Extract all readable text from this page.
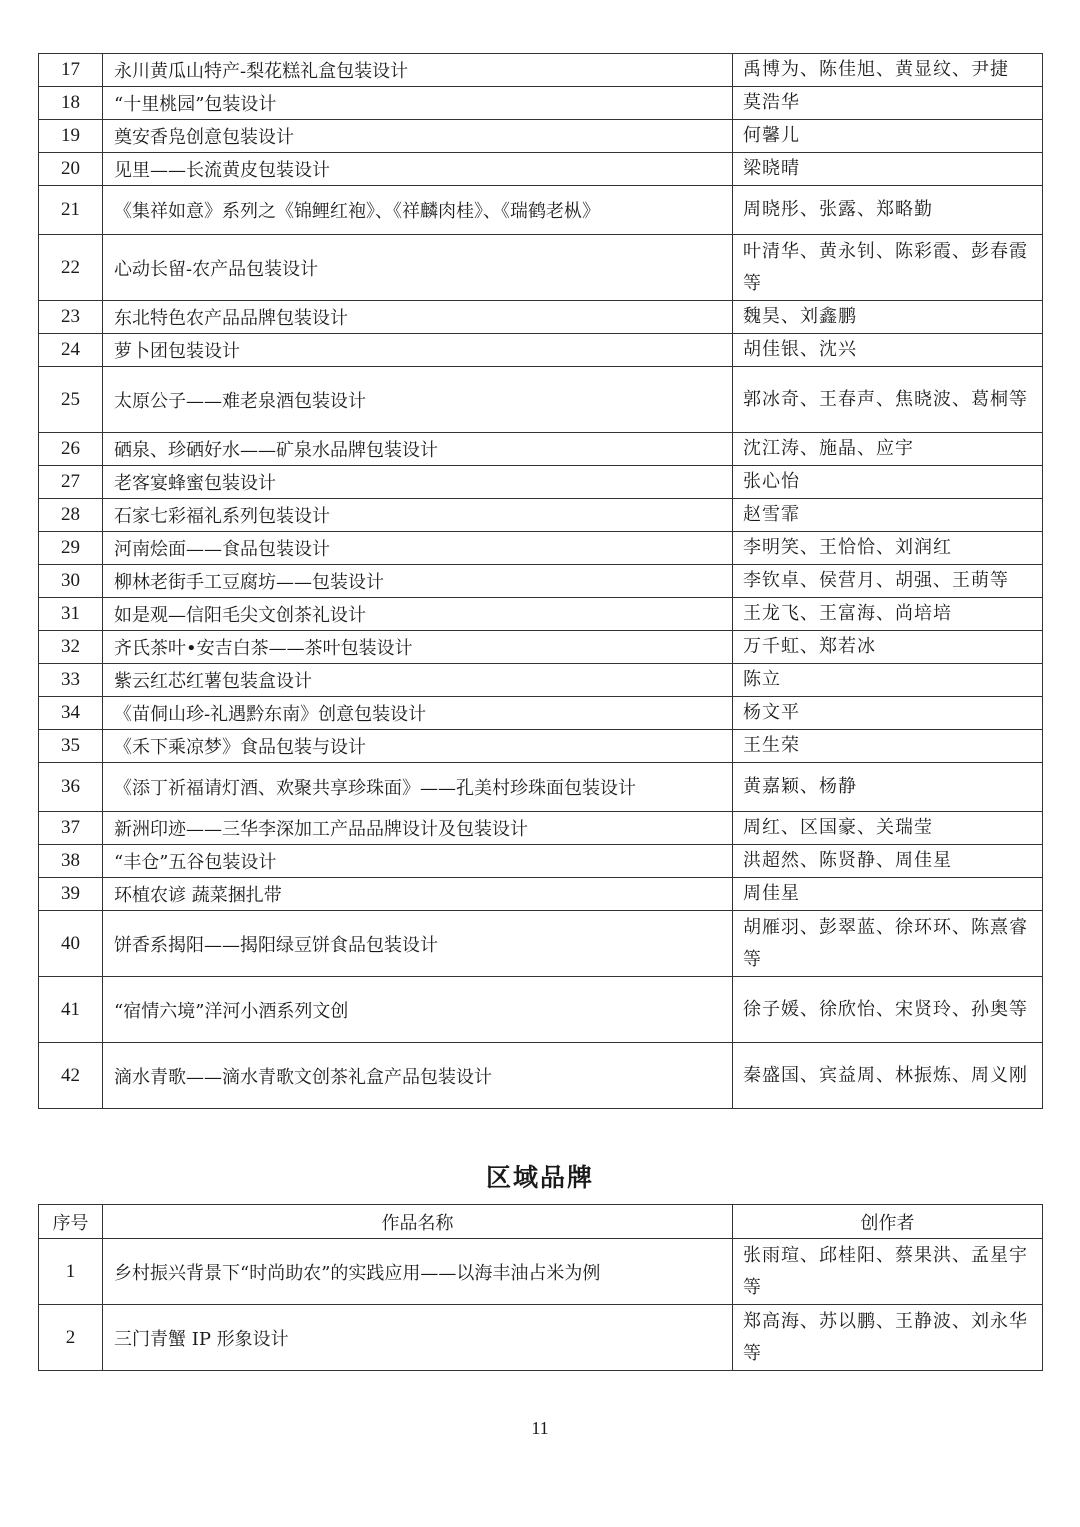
17	永川黄瓜山特产-梨花糕礼盒包装设计	禹博为、陈佳旭、黄显纹、尹捷
18	“十里桃园”包装设计	莫浩华
19	奠安香凫创意包装设计	何馨儿
20	见里——长流黄皮包装设计	梁晓晴
21	《集祥如意》系列之《锦鲤红袍》、《祥麟肉桂》、《瑞鹤老枞》	周晓彤、张露、郑略勤
22	心动长留-农产品包装设计	叶清华、黄永钊、陈彩霞、彭春霞等
23	东北特色农产品品牌包装设计	魏昊、刘鑫鹏
24	萝卜团包装设计	胡佳银、沈兴
25	太原公子——难老泉酒包装设计	郭冰奇、王春声、焦晓波、葛桐等
26	硒泉、珍硒好水——矿泉水品牌包装设计	沈江涛、施晶、应宇
27	老客宴蜂蜜包装设计	张心怡
28	石家七彩福礼系列包装设计	赵雪霏
29	河南烩面——食品包装设计	李明笑、王恰恰、刘润红
30	柳林老街手工豆腐坊——包装设计	李钦卓、侯营月、胡强、王萌等
31	如是观—信阳毛尖文创茶礼设计	王龙飞、王富海、尚培培
32	齐氏茶叶•安吉白茶——茶叶包装设计	万千虹、郑若冰
33	紫云红芯红薯包装盒设计	陈立
34	《苗侗山珍-礼遇黔东南》创意包装设计	杨文平
35	《禾下乘凉梦》食品包装与设计	王生荣
36	《添丁祈福请灯酒、欢聚共享珍珠面》——孔美村珍珠面包装设计	黄嘉颖、杨静
37	新洲印迹——三华李深加工产品品牌设计及包装设计	周红、区国豪、关瑞莹
38	“丰仓”五谷包装设计	洪超然、陈贤静、周佳星
39	环植农谚 蔬菜捆扎带	周佳星
40	饼香系揭阳——揭阳绿豆饼食品包装设计	胡雁羽、彭翠蓝、徐环环、陈熹睿等
41	“宿情六境”洋河小酒系列文创	徐子媛、徐欣怡、宋贤玲、孙奥等
42	滴水青歌——滴水青歌文创茶礼盒产品包装设计	秦盛国、宾益周、林振炼、周义刚
区域品牌
序号	作品名称	创作者
1	乡村振兴背景下“时尚助农”的实践应用——以海丰油占米为例	张雨瑄、邱桂阳、蔡果洪、孟星宇等
2	三门青蟹 IP 形象设计	郑高海、苏以鹏、王静波、刘永华等
11
